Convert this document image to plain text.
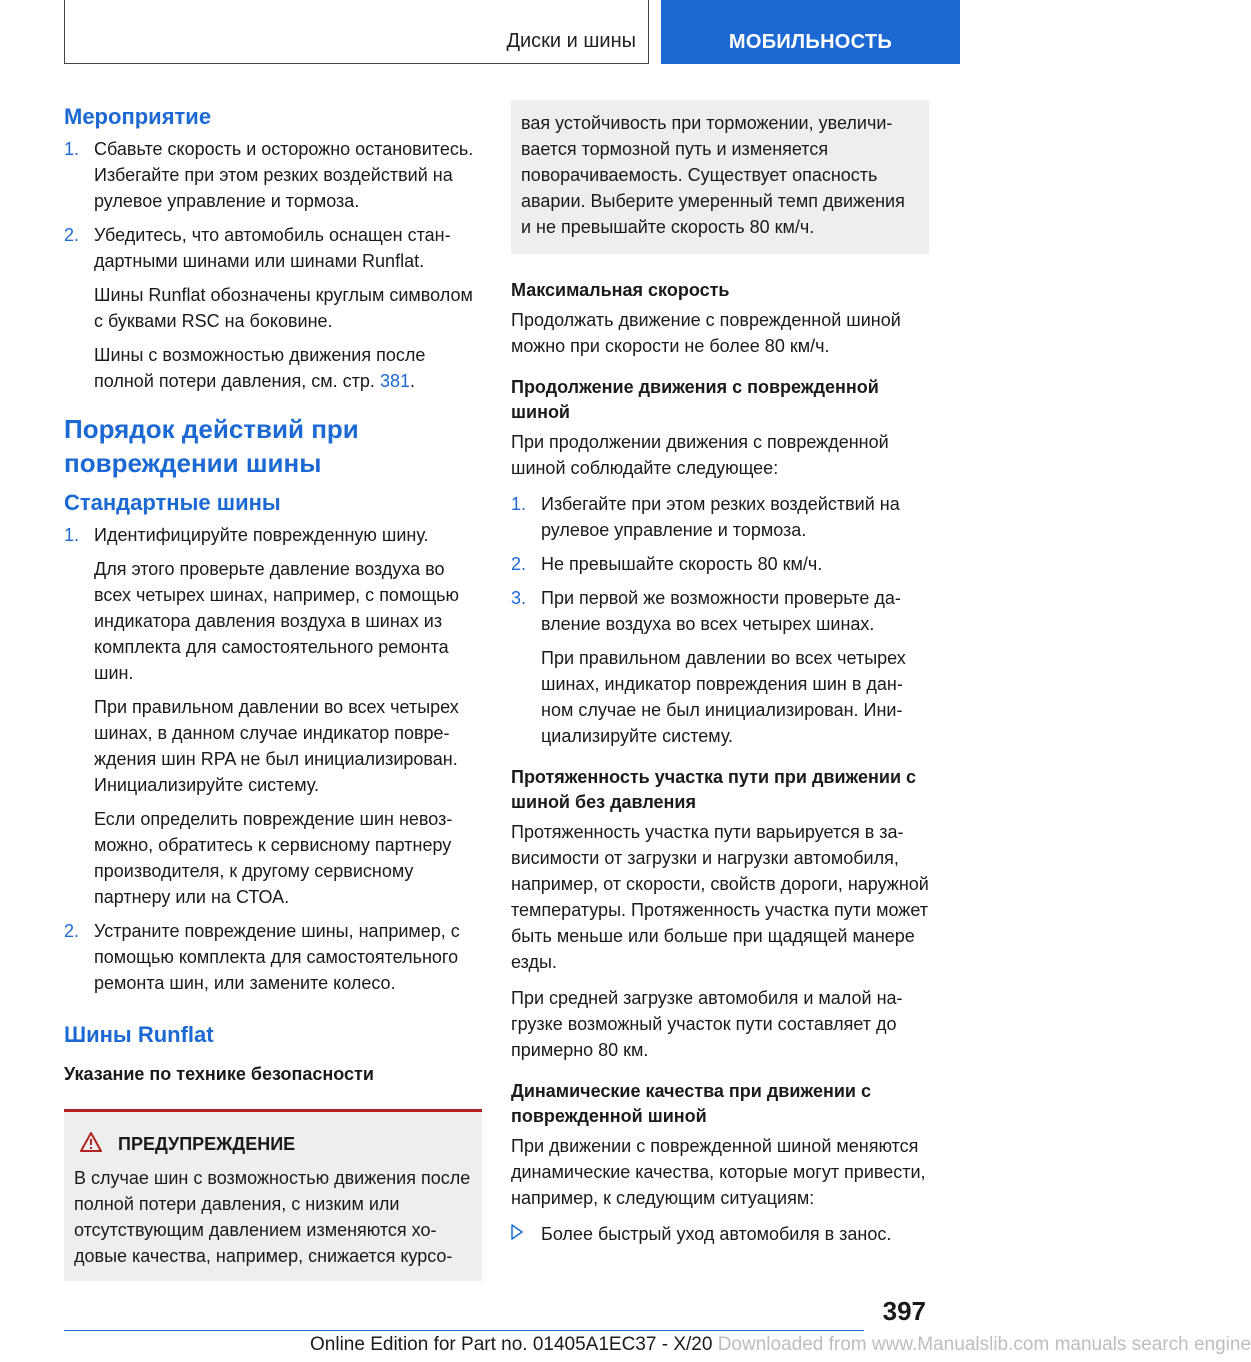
Диски и шины	МОБИЛЬНОСТЬ
Мероприятие
1. Сбавьте скорость и осторожно остановитесь. Избегайте при этом резких воздействий на рулевое управление и тормоза.
2. Убедитесь, что автомобиль оснащен стандартными шинами или шинами Runflat.
Шины Runflat обозначены круглым символом с буквами RSC на боковине.
Шины с возможностью движения после полной потери давления, см. стр. 381.
Порядок действий при повреждении шины
Стандартные шины
1. Идентифицируйте поврежденную шину.
Для этого проверьте давление воздуха во всех четырех шинах, например, с помощью индикатора давления воздуха в шинах из комплекта для самостоятельного ремонта шин.
При правильном давлении во всех четырех шинах, в данном случае индикатор повреждения шин RPA не был инициализирован. Инициализируйте систему.
Если определить повреждение шин невозможно, обратитесь к сервисному партнеру производителя, к другому сервисному партнеру или на СТОА.
2. Устраните повреждение шины, например, с помощью комплекта для самостоятельного ремонта шин, или замените колесо.
Шины Runflat
Указание по технике безопасности
ПРЕДУПРЕЖДЕНИЕ

В случае шин с возможностью движения после полной потери давления, с низким или отсутствующим давлением изменяются ходовые качества, например, снижается курсо-

вая устойчивость при торможении, увеличивается тормозной путь и изменяется поворачиваемость. Существует опасность аварии. Выберите умеренный темп движения и не превышайте скорость 80 км/ч.

Максимальная скорость

Продолжать движение с поврежденной шиной можно при скорости не более 80 км/ч.

Продолжение движения с поврежденной шиной

При продолжении движения с поврежденной шиной соблюдайте следующее:

1. Избегайте при этом резких воздействий на рулевое управление и тормоза.
2. Не превышайте скорость 80 км/ч.
3. При первой же возможности проверьте давление воздуха во всех четырех шинах.
При правильном давлении во всех четырех шинах, индикатор повреждения шин в данном случае не был инициализирован. Инициализируйте систему.
Протяженность участка пути при движении с шиной без давления

Протяженность участка пути варьируется в зависимости от загрузки и нагрузки автомобиля, например, от скорости, свойств дороги, наружной температуры. Протяженность участка пути может быть меньше или больше при щадящей манере езды.

При средней загрузке автомобиля и малой нагрузке возможный участок пути составляет до примерно 80 км.

Динамические качества при движении с поврежденной шиной

При движении с поврежденной шиной меняются динамические качества, которые могут привести, например, к следующим ситуациям:

Более быстрый уход автомобиля в занос.
397
Online Edition for Part no. 01405A1EC37 - X/20 Downloaded from www.Manualslib.com manuals search engine
